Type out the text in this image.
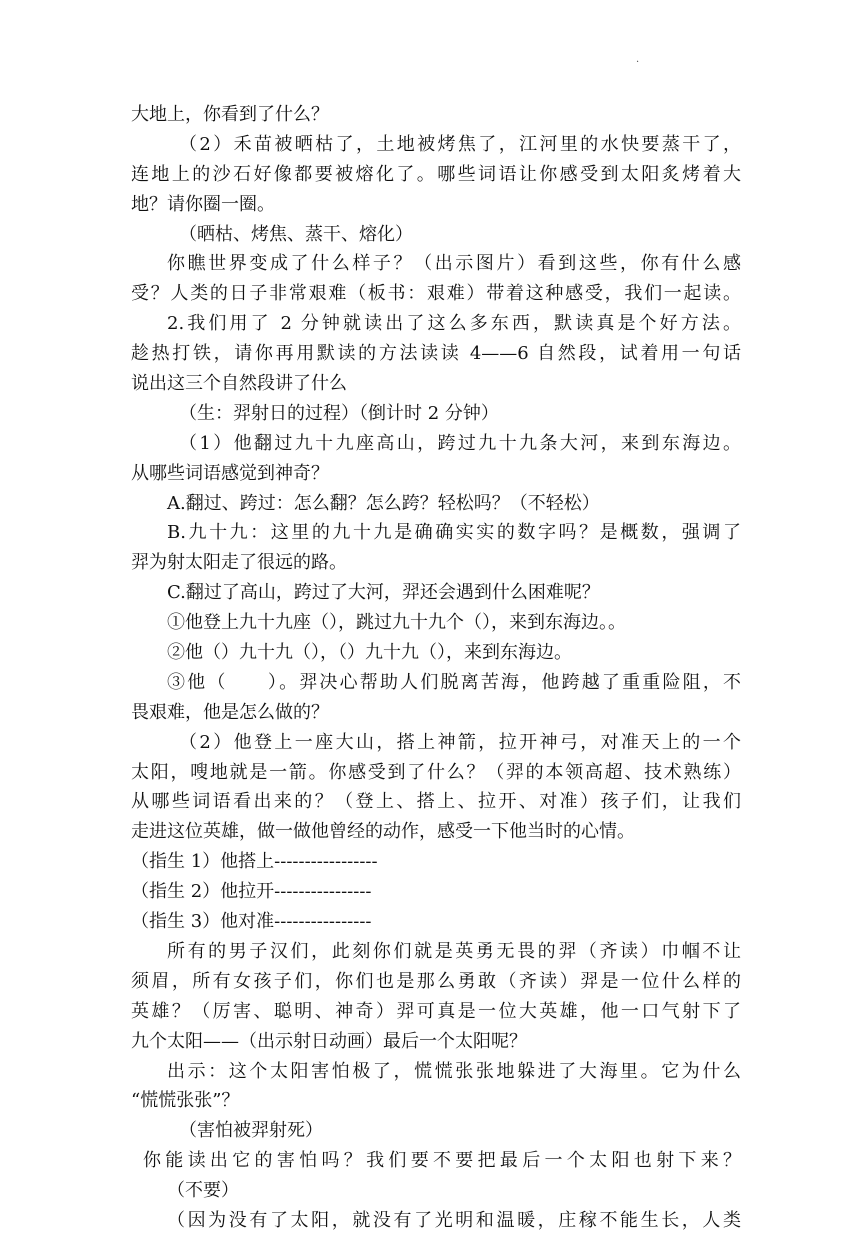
·
大地上，你看到了什么？
（2）禾苗被晒枯了，土地被烤焦了，江河里的水快要蒸干了，
连地上的沙石好像都要被熔化了。哪些词语让你感受到太阳炙烤着大
地？请你圈一圈。
（晒枯、烤焦、蒸干、熔化）
你瞧世界变成了什么样子？（出示图片）看到这些，你有什么感
受？人类的日子非常艰难（板书：艰难）带着这种感受，我们一起读。
2.我们用了 2 分钟就读出了这么多东西，默读真是个好方法。
趁热打铁，请你再用默读的方法读读 4——6 自然段，试着用一句话
说出这三个自然段讲了什么
（生：羿射日的过程）（倒计时 2 分钟）
（1）他翻过九十九座高山，跨过九十九条大河，来到东海边。
从哪些词语感觉到神奇？
A.翻过、跨过：怎么翻？怎么跨？轻松吗？（不轻松）
B.九十九：这里的九十九是确确实实的数字吗？是概数，强调了
羿为射太阳走了很远的路。
C.翻过了高山，跨过了大河，羿还会遇到什么困难呢？
①他登上九十九座（），跳过九十九个（），来到东海边。。
②他（）九十九（），（）九十九（），来到东海边。
③他（　　）。羿决心帮助人们脱离苦海，他跨越了重重险阻，不
畏艰难，他是怎么做的？
（2）他登上一座大山，搭上神箭，拉开神弓，对准天上的一个
太阳，嗖地就是一箭。你感受到了什么？（羿的本领高超、技术熟练）
从哪些词语看出来的？（登上、搭上、拉开、对准）孩子们，让我们
走进这位英雄，做一做他曾经的动作，感受一下他当时的心情。
（指生 1）他搭上-----------------
（指生 2）他拉开----------------
（指生 3）他对准----------------
所有的男子汉们，此刻你们就是英勇无畏的羿（齐读）巾帼不让
须眉，所有女孩子们，你们也是那么勇敢（齐读）羿是一位什么样的
英雄？（厉害、聪明、神奇）羿可真是一位大英雄，他一口气射下了
九个太阳——（出示射日动画）最后一个太阳呢？
出示：这个太阳害怕极了，慌慌张张地躲进了大海里。它为什么
“慌慌张张”？
（害怕被羿射死）
你能读出它的害怕吗？我们要不要把最后一个太阳也射下来？
（不要）
（因为没有了太阳，就没有了光明和温暖，庄稼不能生长，人类
